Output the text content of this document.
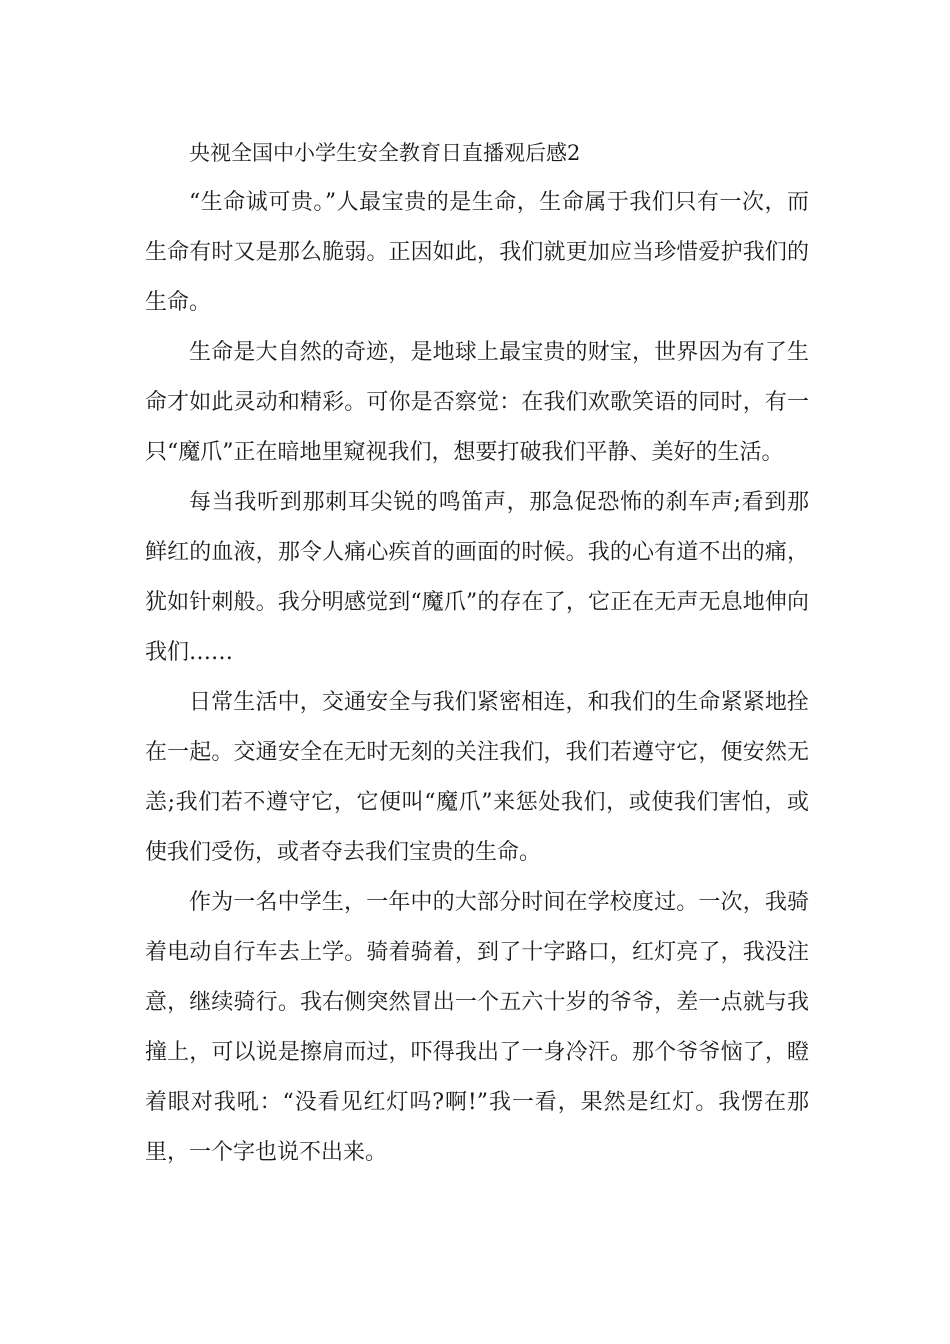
央视全国中小学生安全教育日直播观后感2

“生命诚可贵。”人最宝贵的是生命，生命属于我们只有一次，而生命有时又是那么脆弱。正因如此，我们就更加应当珍惜爱护我们的生命。

生命是大自然的奇迹，是地球上最宝贵的财宝，世界因为有了生命才如此灵动和精彩。可你是否察觉：在我们欢歌笑语的同时，有一只“魔爪”正在暗地里窥视我们，想要打破我们平静、美好的生活。

每当我听到那刺耳尖锐的鸣笛声，那急促恐怖的刹车声;看到那鲜红的血液，那令人痛心疾首的画面的时候。我的心有道不出的痛，犹如针刺般。我分明感觉到“魔爪”的存在了，它正在无声无息地伸向我们……

日常生活中，交通安全与我们紧密相连，和我们的生命紧紧地拴在一起。交通安全在无时无刻的关注我们，我们若遵守它，便安然无恙;我们若不遵守它，它便叫“魔爪”来惩处我们，或使我们害怕，或使我们受伤，或者夺去我们宝贵的生命。

作为一名中学生，一年中的大部分时间在学校度过。一次，我骑着电动自行车去上学。骑着骑着，到了十字路口，红灯亮了，我没注意，继续骑行。我右侧突然冒出一个五六十岁的爷爷，差一点就与我撞上，可以说是擦肩而过，吓得我出了一身冷汗。那个爷爷恼了，瞪着眼对我吼：“没看见红灯吗?啊!”我一看，果然是红灯。我愣在那里，一个字也说不出来。
